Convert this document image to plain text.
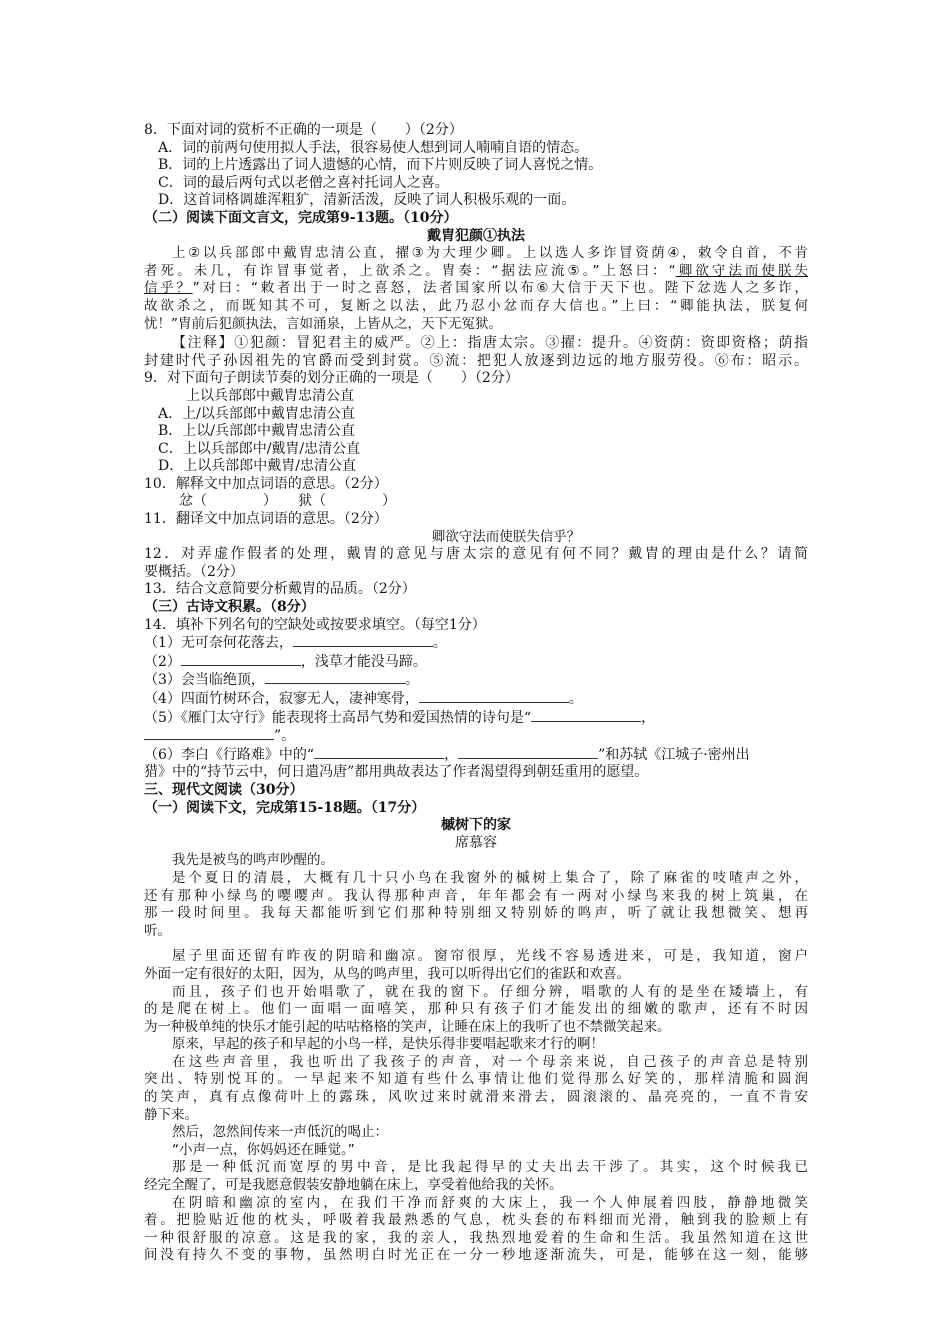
8．下面对词的赏析不正确的一项是（　　）（2分）
A．词的前两句使用拟人手法，很容易使人想到词人喃喃自语的情态。
B．词的上片透露出了词人遗憾的心情，而下片则反映了词人喜悦之情。
C．词的最后两句式以老僧之喜衬托词人之喜。
D．这首词格调雄浑粗犷，清新活泼，反映了词人积极乐观的一面。
（二）阅读下面文言文，完成第9-13题。（10分）
戴胄犯颜①执法
上②以兵部郎中戴胄忠清公直，擢③为大理少卿。上以选人多诈冒资荫④，敕令自首，不肯
者死。未几，有诈冒事觉者，上欲杀之。胄奏：“据法应流⑤。”上怒曰：“卿欲守法而使朕失
信乎？”对曰：“敕者出于一时之喜怒，法者国家所以布⑥大信于天下也。陛下忿选人之多诈，
故欲杀之，而既知其不可，复断之以法，此乃忍小忿而存大信也。”上曰：“卿能执法，朕复何
忧！”胄前后犯颜执法，言如涌泉，上皆从之，天下无冤狱。
【注释】①犯颜：冒犯君主的威严。②上：指唐太宗。③擢：提升。④资荫：资即资格；荫指
封建时代子孙因祖先的官爵而受到封赏。⑤流：把犯人放逐到边远的地方服劳役。⑥布：昭示。
9．对下面句子朗读节奏的划分正确的一项是（　　）（2分）
上以兵部郎中戴胄忠清公直
A．上/以兵部郎中戴胄忠清公直
B．上以/兵部郎中戴胄忠清公直
C．上以兵部郎中/戴胄/忠清公直
D．上以兵部郎中戴胄/忠清公直
10．解释文中加点词语的意思。（2分）
忿（　　　　）　　狱（　　　　）
11．翻译文中加点词语的意思。（2分）
卿欲守法而使朕失信乎？
12．对弄虚作假者的处理，戴胄的意见与唐太宗的意见有何不同？戴胄的理由是什么？请简
要概括。（2分）
13．结合文意简要分析戴胄的品质。（2分）
（三）古诗文积累。（8分）
14．填补下列名句的空缺处或按要求填空。（每空1分）
（1）无可奈何花落去，	。
（2）	，浅草才能没马蹄。
（3）会当临绝顶，	。
（4）四面竹树环合，寂寥无人，凄神寒骨，	。
（5）《雁门太守行》能表现将士高昂气势和爱国热情的诗句是“	，
”。
（6）李白《行路难》中的“	，	”和苏轼《江城子·密州出
猎》中的“持节云中，何日遣冯唐”都用典故表达了作者渴望得到朝廷重用的愿望。
三、现代文阅读（30分）
（一）阅读下文，完成第15-18题。（17分）
槭树下的家
席慕容
我先是被鸟的鸣声吵醒的。
是个夏日的清晨，大概有几十只小鸟在我窗外的槭树上集合了，除了麻雀的吱喳声之外，
还有那种小绿鸟的嘤嘤声。我认得那种声音，年年都会有一两对小绿鸟来我的树上筑巢，在
那一段时间里。我每天都能听到它们那种特别细又特别娇的鸣声，听了就让我想微笑、想再
听。
屋子里面还留有昨夜的阴暗和幽凉。窗帘很厚，光线不容易透进来，可是，我知道，窗户
外面一定有很好的太阳，因为，从鸟的鸣声里，我可以听得出它们的雀跃和欢喜。
而且，孩子们也开始唱歌了，就在我的窗下。仔细分辨，唱歌的人有的是坐在矮墙上，有
的是爬在树上。他们一面唱一面嘻笑，那种只有孩子们才能发出的细嫩的歌声，还有不时因
为一种极单纯的快乐才能引起的咕咕格格的笑声，让睡在床上的我听了也不禁微笑起来。
原来，早起的孩子和早起的小鸟一样，是快乐得非要唱起歌来才行的啊！
在这些声音里，我也听出了我孩子的声音，对一个母亲来说，自己孩子的声音总是特别
突出、特别悦耳的。一早起来不知道有些什么事情让他们觉得那么好笑的，那样清脆和圆润
的笑声，真有点像荷叶上的露珠，风吹过来时就滑来滑去，圆滚滚的、晶亮亮的，一直不肯安
静下来。
然后，忽然间传来一声低沉的喝止：
“小声一点，你妈妈还在睡觉。”
那是一种低沉而宽厚的男中音，是比我起得早的丈夫出去干涉了。其实，这个时候我已
经完全醒了，可是我愿意假装安静地躺在床上，享受着他给我的关怀。
在阴暗和幽凉的室内，在我们干净而舒爽的大床上，我一个人伸展着四肢，静静地微笑
着。把脸贴近他的枕头，呼吸着我最熟悉的气息，枕头套的布料细而光滑，触到我的脸颊上有
一种很舒服的凉意。这是我的家，我的亲人，我热烈地爱着的生命和生活。我虽然知道在这世
间没有持久不变的事物，虽然明白时光正在一分一秒地逐渐流失，可是，能够在这一刻，能够
